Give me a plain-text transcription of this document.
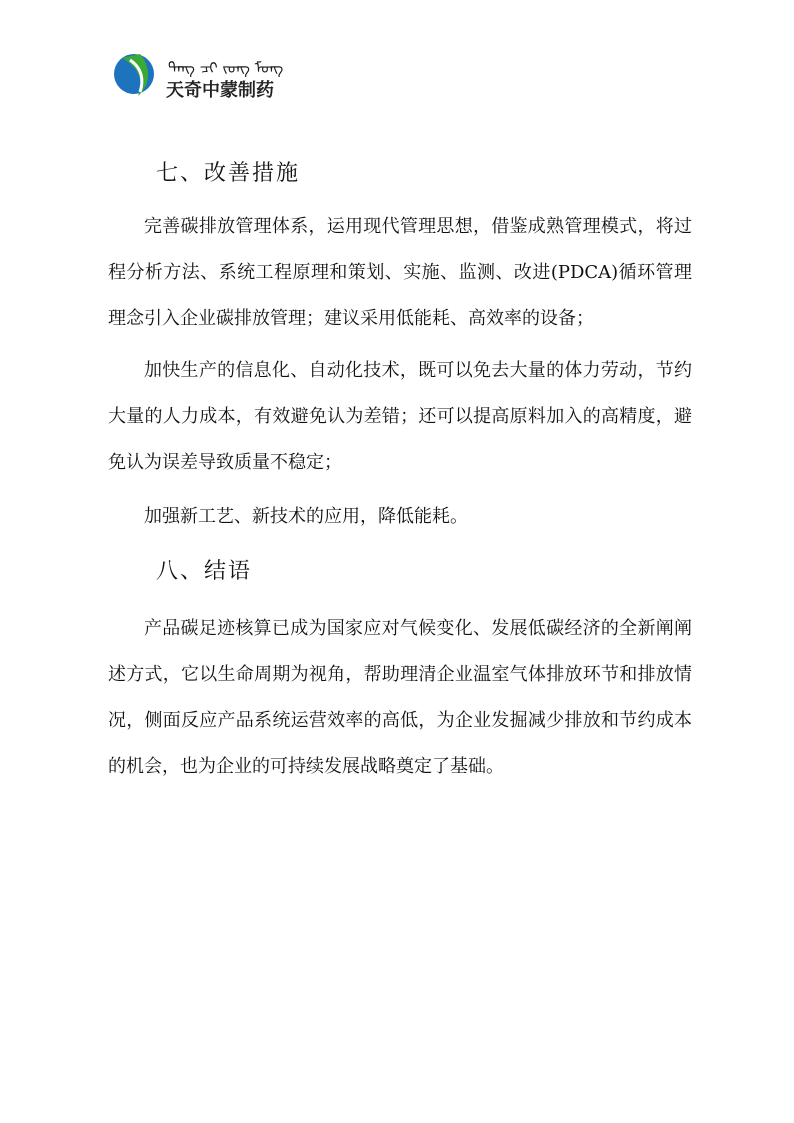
ᠲᠡᠩ ᠴᠢ ᠵᠤᠩ ᠮᠣᠩ
天奇中蒙制药
七、改善措施

完善碳排放管理体系，运用现代管理思想，借鉴成熟管理模式，将过程分析方法、系统工程原理和策划、实施、监测、改进(PDCA)循环管理理念引入企业碳排放管理；建议采用低能耗、高效率的设备；

加快生产的信息化、自动化技术，既可以免去大量的体力劳动，节约大量的人力成本，有效避免认为差错；还可以提高原料加入的高精度，避免认为误差导致质量不稳定；

加强新工艺、新技术的应用，降低能耗。

八、结语

产品碳足迹核算已成为国家应对气候变化、发展低碳经济的全新阐阐述方式，它以生命周期为视角，帮助理清企业温室气体排放环节和排放情况，侧面反应产品系统运营效率的高低，为企业发掘减少排放和节约成本的机会，也为企业的可持续发展战略奠定了基础。
